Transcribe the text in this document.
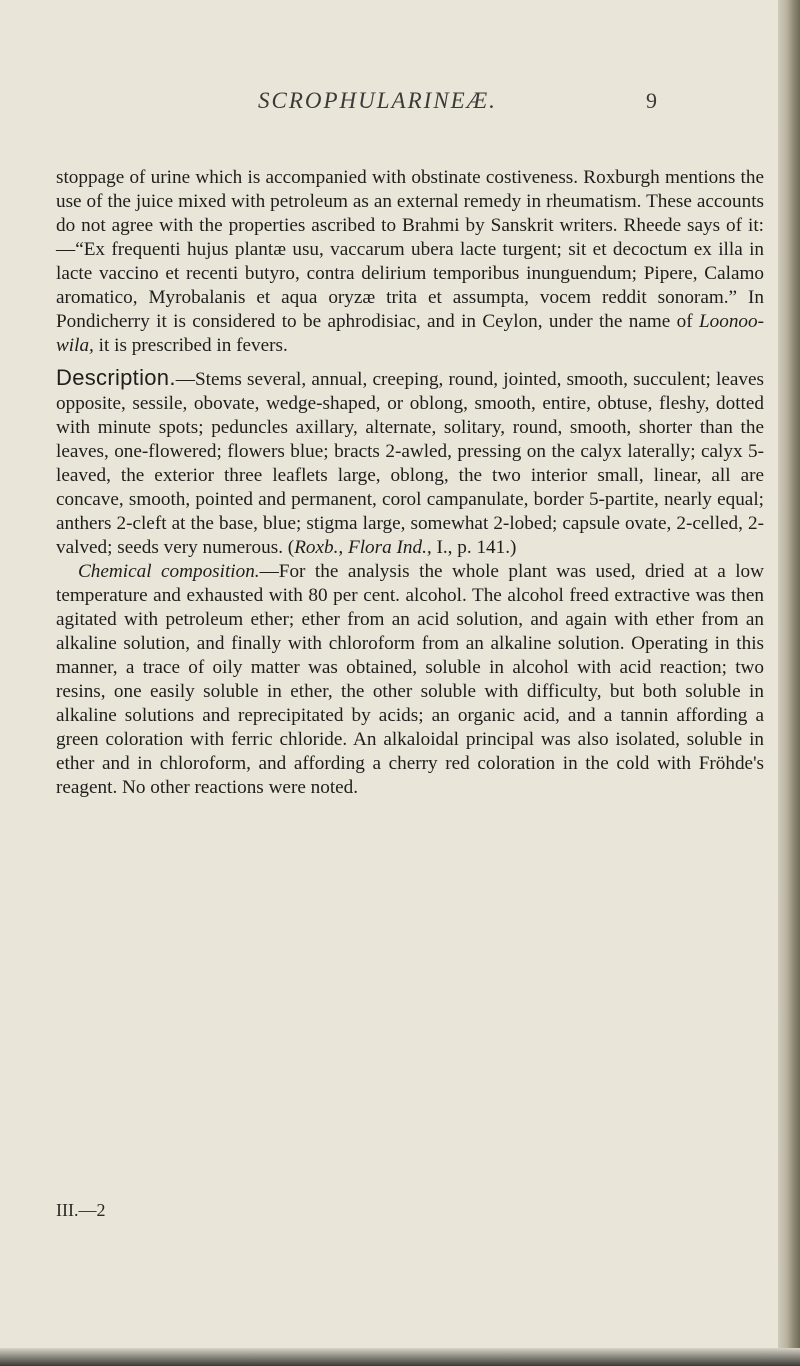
SCROPHULARINEÆ.	9

stoppage of urine which is accompanied with obstinate costiveness. Roxburgh mentions the use of the juice mixed with petroleum as an external remedy in rheumatism. These accounts do not agree with the properties ascribed to Brahmi by Sanskrit writers. Rheede says of it:—“Ex frequenti hujus plantæ usu, vaccarum ubera lacte turgent; sit et decoctum ex illa in lacte vaccino et recenti butyro, contra delirium temporibus inunguendum; Pipere, Calamo aromatico, Myrobalanis et aqua oryzæ trita et assumpta, vocem reddit sonoram.” In Pondicherry it is considered to be aphrodisiac, and in Ceylon, under the name of Loonoo-wila, it is prescribed in fevers.

Description.—Stems several, annual, creeping, round, jointed, smooth, succulent; leaves opposite, sessile, obovate, wedge-shaped, or oblong, smooth, entire, obtuse, fleshy, dotted with minute spots; peduncles axillary, alternate, solitary, round, smooth, shorter than the leaves, one-flowered; flowers blue; bracts 2-awled, pressing on the calyx laterally; calyx 5-leaved, the exterior three leaflets large, oblong, the two interior small, linear, all are concave, smooth, pointed and permanent, corol campanulate, border 5-partite, nearly equal; anthers 2-cleft at the base, blue; stigma large, somewhat 2-lobed; capsule ovate, 2-celled, 2-valved; seeds very numerous. (Roxb., Flora Ind., I., p. 141.)

Chemical composition.—For the analysis the whole plant was used, dried at a low temperature and exhausted with 80 per cent. alcohol. The alcohol freed extractive was then agitated with petroleum ether; ether from an acid solution, and again with ether from an alkaline solution, and finally with chloroform from an alkaline solution. Operating in this manner, a trace of oily matter was obtained, soluble in alcohol with acid reaction; two resins, one easily soluble in ether, the other soluble with difficulty, but both soluble in alkaline solutions and reprecipitated by acids; an organic acid, and a tannin affording a green coloration with ferric chloride. An alkaloidal principal was also isolated, soluble in ether and in chloroform, and affording a cherry red coloration in the cold with Fröhde's reagent. No other reactions were noted.

III.—2
